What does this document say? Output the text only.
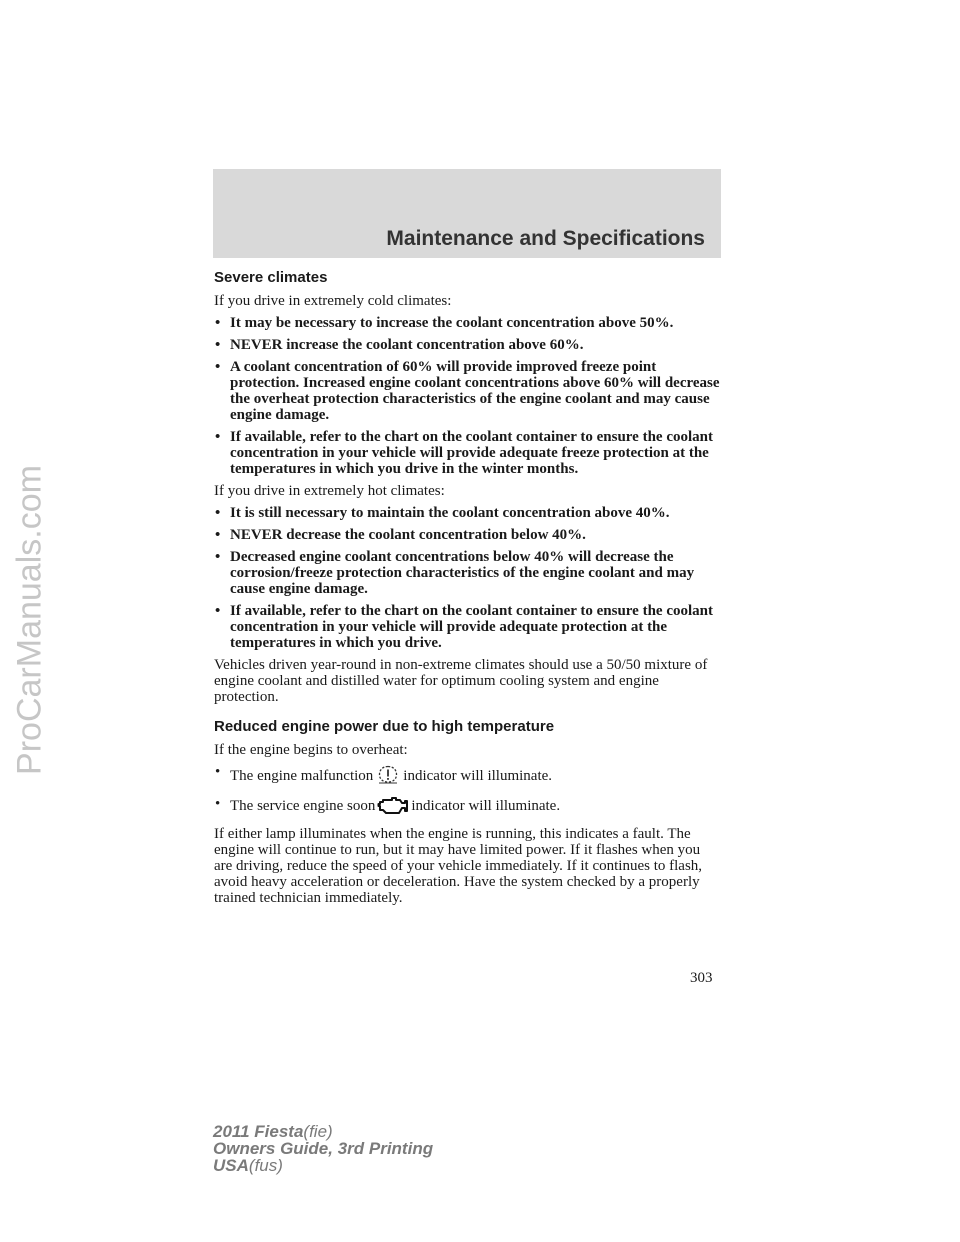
ProCarManuals.com
Maintenance and Specifications
Severe climates
If you drive in extremely cold climates:
• It may be necessary to increase the coolant concentration above 50%.
• NEVER increase the coolant concentration above 60%.
• A coolant concentration of 60% will provide improved freeze point protection. Increased engine coolant concentrations above 60% will decrease the overheat protection characteristics of the engine coolant and may cause engine damage.
• If available, refer to the chart on the coolant container to ensure the coolant concentration in your vehicle will provide adequate freeze protection at the temperatures in which you drive in the winter months.
If you drive in extremely hot climates:
• It is still necessary to maintain the coolant concentration above 40%.
• NEVER decrease the coolant concentration below 40%.
• Decreased engine coolant concentrations below 40% will decrease the corrosion/freeze protection characteristics of the engine coolant and may cause engine damage.
• If available, refer to the chart on the coolant container to ensure the coolant concentration in your vehicle will provide adequate protection at the temperatures in which you drive.
Vehicles driven year-round in non-extreme climates should use a 50/50 mixture of engine coolant and distilled water for optimum cooling system and engine protection.
Reduced engine power due to high temperature
If the engine begins to overheat:
• The engine malfunction indicator will illuminate.
• The service engine soon indicator will illuminate.
If either lamp illuminates when the engine is running, this indicates a fault. The engine will continue to run, but it may have limited power. If it flashes when you are driving, reduce the speed of your vehicle immediately. If it continues to flash, avoid heavy acceleration or deceleration. Have the system checked by a properly trained technician immediately.
303
2011 Fiesta(fie)
Owners Guide, 3rd Printing
USA(fus)
